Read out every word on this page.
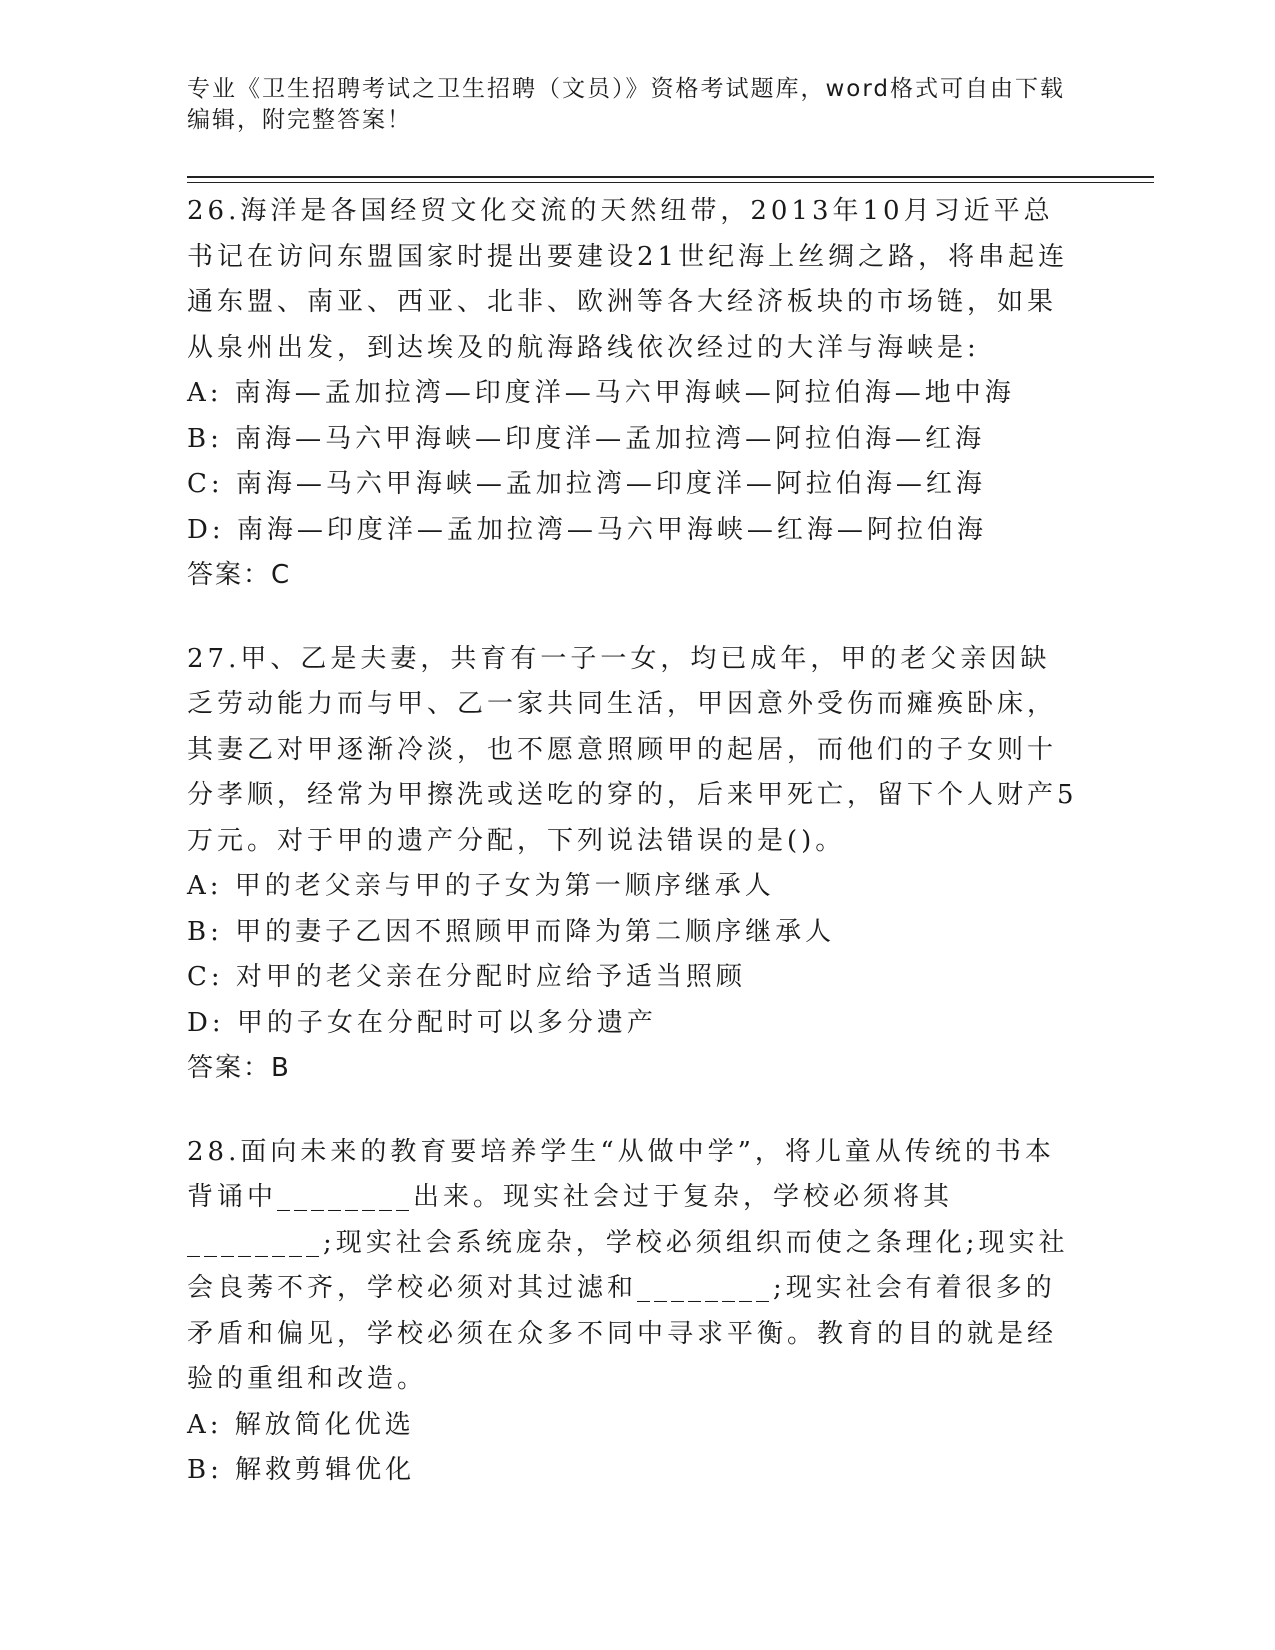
专业《卫生招聘考试之卫生招聘（文员）》资格考试题库，word格式可自由下载编辑，附完整答案！

26.海洋是各国经贸文化交流的天然纽带，2013年10月习近平总书记在访问东盟国家时提出要建设21世纪海上丝绸之路，将串起连通东盟、南亚、西亚、北非、欧洲等各大经济板块的市场链，如果从泉州出发，到达埃及的航海路线依次经过的大洋与海峡是:

A: 南海—孟加拉湾—印度洋—马六甲海峡—阿拉伯海—地中海

B: 南海—马六甲海峡—印度洋—孟加拉湾—阿拉伯海—红海

C: 南海—马六甲海峡—孟加拉湾—印度洋—阿拉伯海—红海

D: 南海—印度洋—孟加拉湾—马六甲海峡—红海—阿拉伯海

答案：C

27.甲、乙是夫妻，共育有一子一女，均已成年，甲的老父亲因缺乏劳动能力而与甲、乙一家共同生活，甲因意外受伤而瘫痪卧床，其妻乙对甲逐渐冷淡，也不愿意照顾甲的起居，而他们的子女则十分孝顺，经常为甲擦洗或送吃的穿的，后来甲死亡，留下个人财产5万元。对于甲的遗产分配，下列说法错误的是()。

A: 甲的老父亲与甲的子女为第一顺序继承人

B: 甲的妻子乙因不照顾甲而降为第二顺序继承人

C: 对甲的老父亲在分配时应给予适当照顾

D: 甲的子女在分配时可以多分遗产

答案：B

28.面向未来的教育要培养学生“从做中学”，将儿童从传统的书本背诵中________出来。现实社会过于复杂，学校必须将其________;现实社会系统庞杂，学校必须组织而使之条理化;现实社会良莠不齐，学校必须对其过滤和________;现实社会有着很多的矛盾和偏见，学校必须在众多不同中寻求平衡。教育的目的就是经验的重组和改造。

A: 解放简化优选

B: 解救剪辑优化
